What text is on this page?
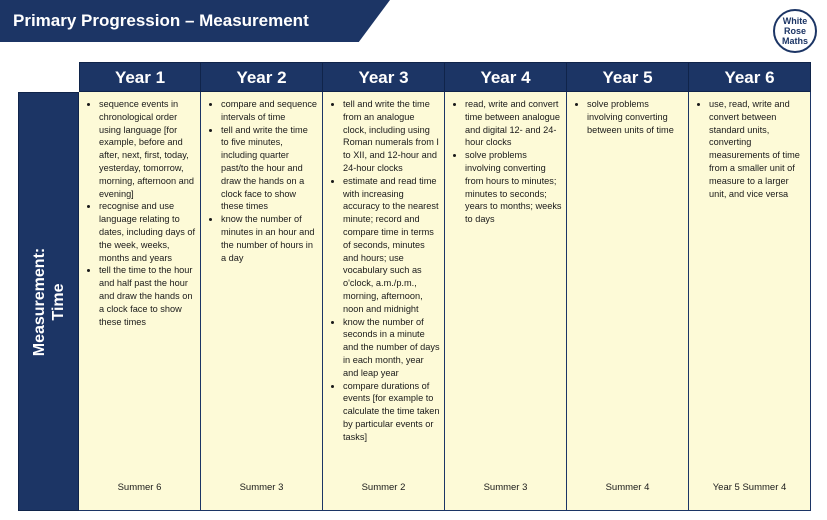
Primary Progression – Measurement	White
Rose
Maths
Measurement: Time
Year 1
• sequence events in chronological order using language [for example, before and after, next, first, today, yesterday, tomorrow, morning, afternoon and evening]
• recognise and use language relating to dates, including days of the week, weeks, months and years
• tell the time to the hour and half past the hour and draw the hands on a clock face to show these times
Summer 6
Year 2
• compare and sequence intervals of time
• tell and write the time to five minutes, including quarter past/to the hour and draw the hands on a clock face to show these times
• know the number of minutes in an hour and the number of hours in a day
Summer 3
Year 3
• tell and write the time from an analogue clock, including using Roman numerals from I to XII, and 12-hour and 24-hour clocks
• estimate and read time with increasing accuracy to the nearest minute; record and compare time in terms of seconds, minutes and hours; use vocabulary such as o'clock, a.m./p.m., morning, afternoon, noon and midnight
• know the number of seconds in a minute and the number of days in each month, year and leap year
• compare durations of events [for example to calculate the time taken by particular events or tasks]
Summer 2
Year 4
• read, write and convert time between analogue and digital 12- and 24-hour clocks
• solve problems involving converting from hours to minutes; minutes to seconds; years to months; weeks to days
Summer 3
Year 5
• solve problems involving converting between units of time
Summer 4
Year 6
• use, read, write and convert between standard units, converting measurements of time from a smaller unit of measure to a larger unit, and vice versa
Year 5 Summer 4
